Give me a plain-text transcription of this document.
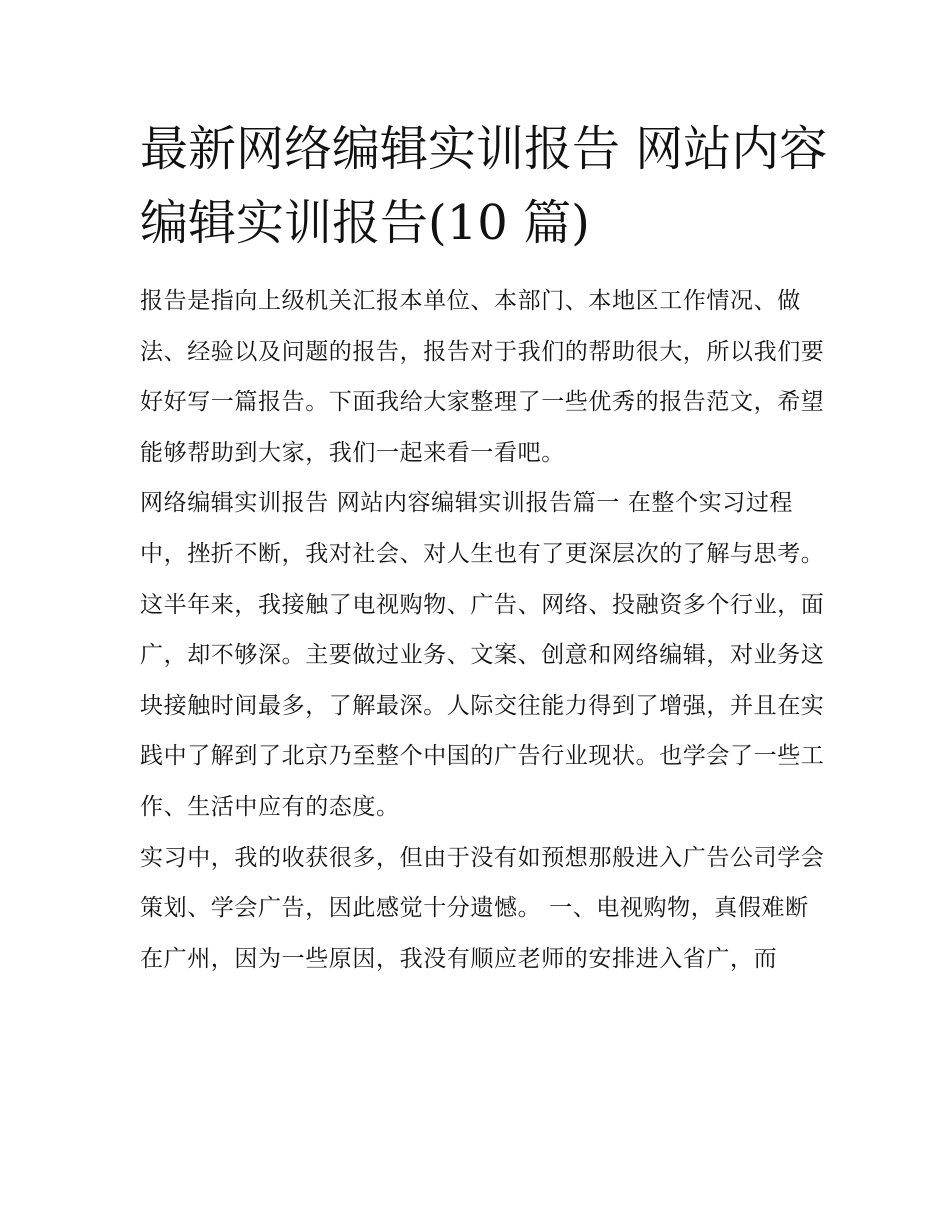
最新网络编辑实训报告 网站内容编辑实训报告(10 篇)

报告是指向上级机关汇报本单位、本部门、本地区工作情况、做法、经验以及问题的报告，报告对于我们的帮助很大，所以我们要好好写一篇报告。下面我给大家整理了一些优秀的报告范文，希望能够帮助到大家，我们一起来看一看吧。

网络编辑实训报告 网站内容编辑实训报告篇一 在整个实习过程中，挫折不断，我对社会、对人生也有了更深层次的了解与思考。

这半年来，我接触了电视购物、广告、网络、投融资多个行业，面广，却不够深。主要做过业务、文案、创意和网络编辑，对业务这块接触时间最多，了解最深。人际交往能力得到了增强，并且在实践中了解到了北京乃至整个中国的广告行业现状。也学会了一些工作、生活中应有的态度。

实习中，我的收获很多，但由于没有如预想那般进入广告公司学会策划、学会广告，因此感觉十分遗憾。 一、电视购物，真假难断

在广州，因为一些原因，我没有顺应老师的安排进入省广，而
